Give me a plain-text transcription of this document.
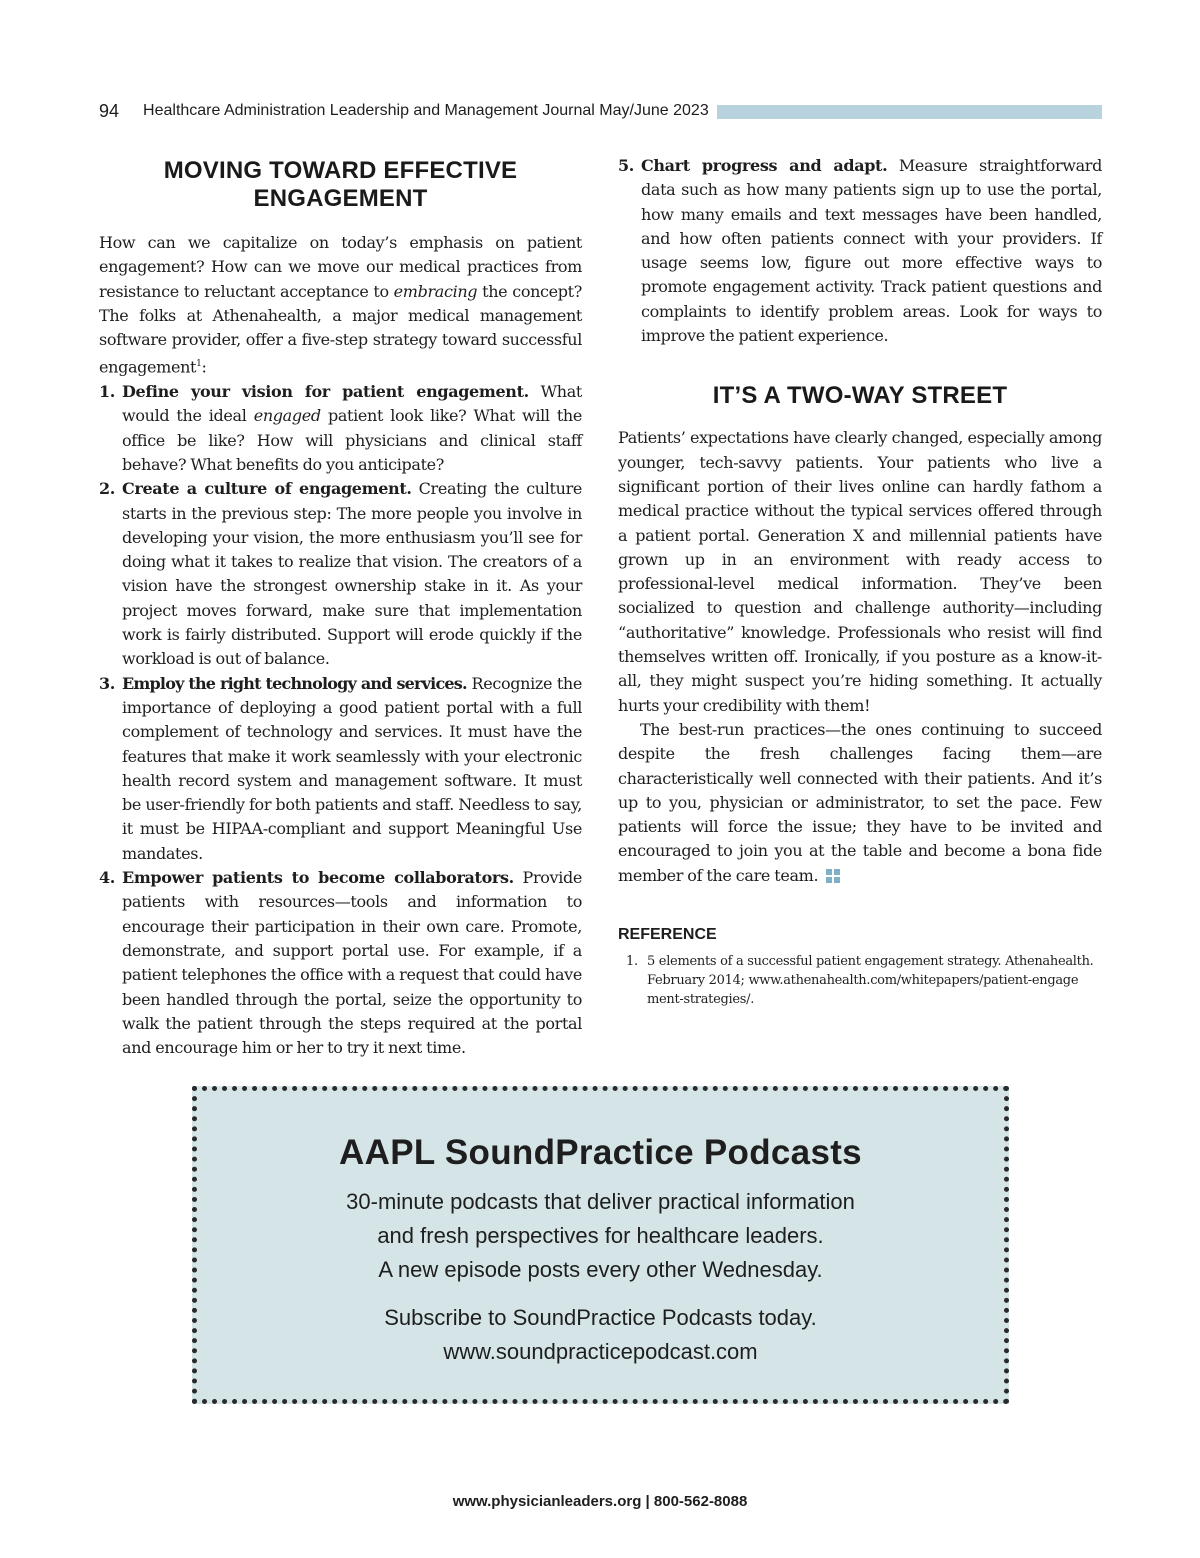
94 Healthcare Administration Leadership and Management Journal May/June 2023
MOVING TOWARD EFFECTIVE
ENGAGEMENT

How can we capitalize on today’s emphasis on patient engagement? How can we move our medical practices from resistance to reluctant acceptance to embracing the concept? The folks at Athenahealth, a major medical management software provider, offer a five-step strategy toward successful engagement$^1$:

1. Define your vision for patient engagement. What would the ideal engaged patient look like? What will the office be like? How will physicians and clinical staff behave? What benefits do you anticipate?
2. Create a culture of engagement. Creating the culture starts in the previous step: The more people you involve in developing your vision, the more enthusiasm you’ll see for doing what it takes to realize that vision. The creators of a vision have the strongest ownership stake in it. As your project moves forward, make sure that implementation work is fairly distributed. Support will erode quickly if the workload is out of balance.
3. Employ the right technology and services. Recognize the importance of deploying a good patient portal with a full complement of technology and services. It must have the features that make it work seamlessly with your electronic health record system and management software. It must be user-friendly for both patients and staff. Needless to say, it must be HIPAA-compliant and support Meaningful Use mandates.
4. Empower patients to become collaborators. Provide patients with resources—tools and information to encourage their participation in their own care. Promote, demonstrate, and support portal use. For example, if a patient telephones the office with a request that could have been handled through the portal, seize the opportunity to walk the patient through the steps required at the portal and encourage him or her to try it next time.
5. Chart progress and adapt. Measure straightforward data such as how many patients sign up to use the portal, how many emails and text messages have been handled, and how often patients connect with your providers. If usage seems low, figure out more effective ways to promote engagement activity. Track patient questions and complaints to identify problem areas. Look for ways to improve the patient experience.
IT’S A TWO-WAY STREET

Patients’ expectations have clearly changed, especially among younger, tech-savvy patients. Your patients who live a significant portion of their lives online can hardly fathom a medical practice without the typical services offered through a patient portal. Generation X and millennial patients have grown up in an environment with ready access to professional-level medical information. They’ve been socialized to question and challenge authority—including “authoritative” knowledge. Professionals who resist will find themselves written off. Ironically, if you posture as a know-it-all, they might suspect you’re hiding something. It actually hurts your credibility with them!

The best-run practices—the ones continuing to succeed despite the fresh challenges facing them—are characteristically well connected with their patients. And it’s up to you, physician or administrator, to set the pace. Few patients will force the issue; they have to be invited and encouraged to join you at the table and become a bona fide member of the care team.

REFERENCE
1. 5 elements of a successful patient engagement strategy. Athenahealth. February 2014; www.athenahealth.com/whitepapers/patient-engage ment-strategies/.
AAPL SoundPractice Podcasts
30-minute podcasts that deliver practical information
and fresh perspectives for healthcare leaders.
A new episode posts every other Wednesday.
Subscribe to SoundPractice Podcasts today.
www.soundpracticepodcast.com
www.physicianleaders.org | 800-562-8088
